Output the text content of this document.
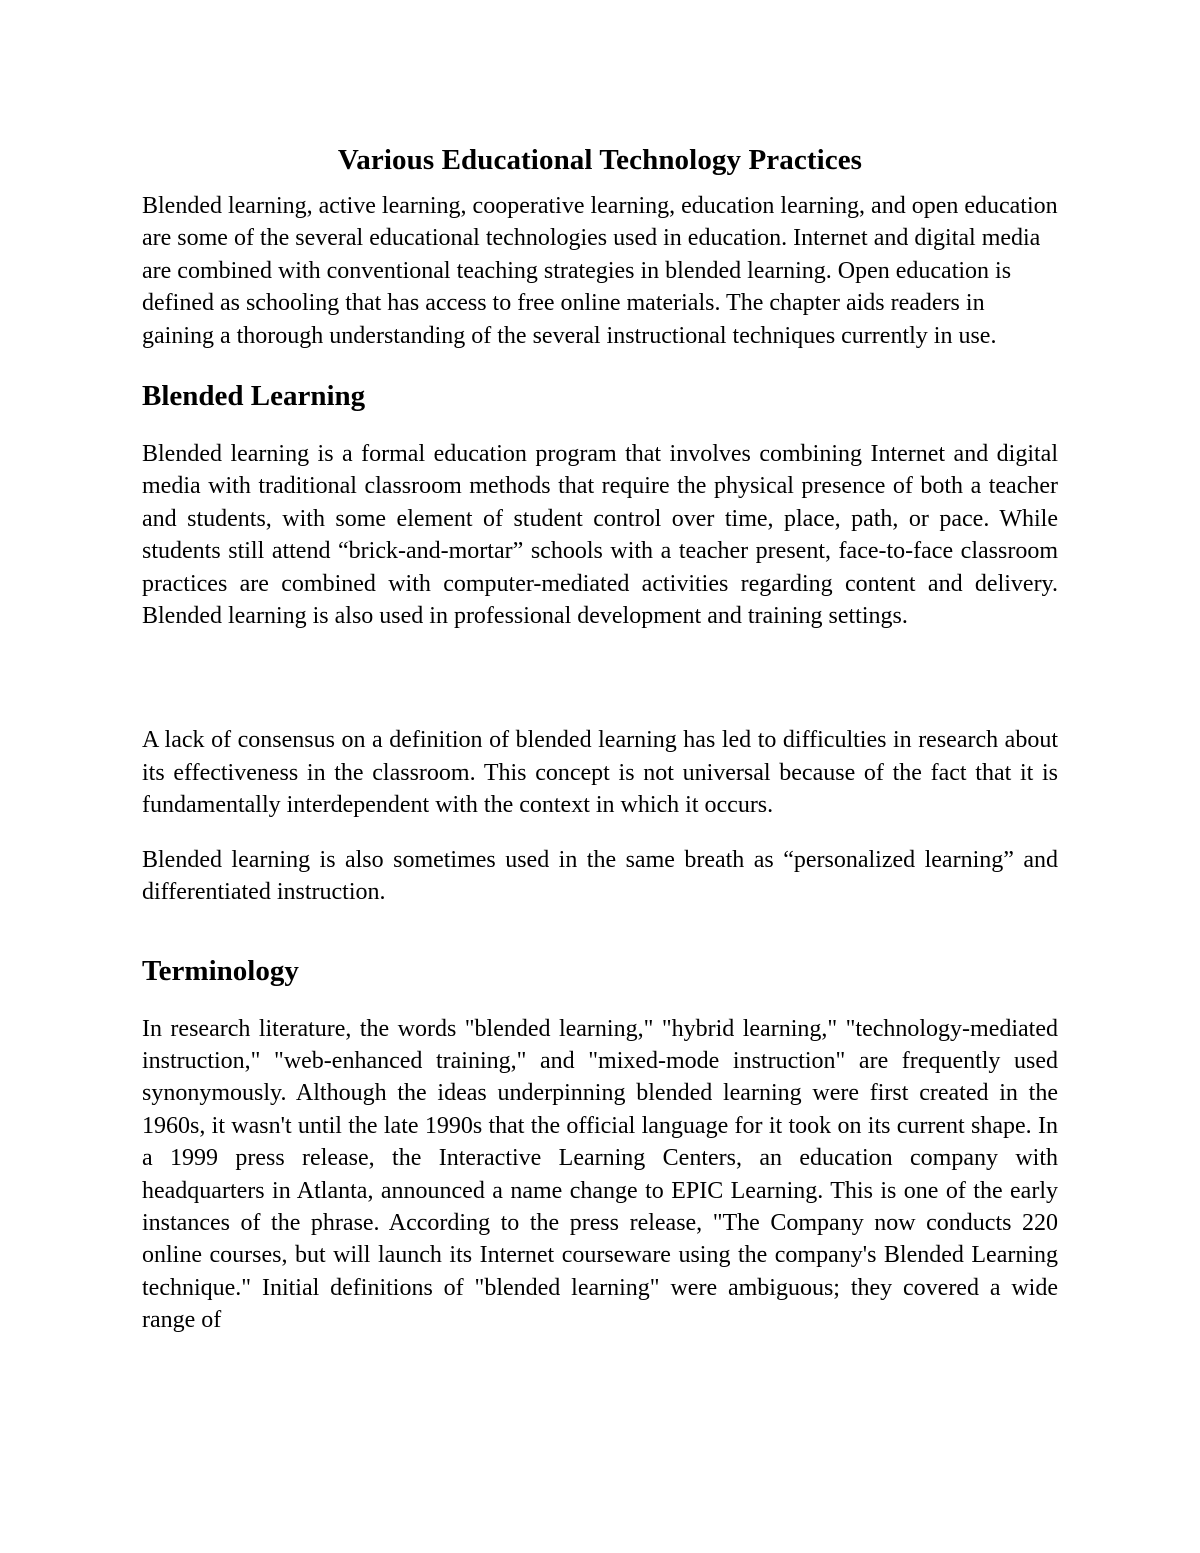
Various Educational Technology Practices

Blended learning, active learning, cooperative learning, education learning, and open education are some of the several educational technologies used in education. Internet and digital media are combined with conventional teaching strategies in blended learning. Open education is defined as schooling that has access to free online materials. The chapter aids readers in gaining a thorough understanding of the several instructional techniques currently in use.

Blended Learning

Blended learning is a formal education program that involves combining Internet and digital media with traditional classroom methods that require the physical presence of both a teacher and students, with some element of student control over time, place, path, or pace. While students still attend “brick-and-mortar” schools with a teacher present, face-to-face classroom practices are combined with computer-mediated activities regarding content and delivery. Blended learning is also used in professional development and training settings.

A lack of consensus on a definition of blended learning has led to difficulties in research about its effectiveness in the classroom. This concept is not universal because of the fact that it is fundamentally interdependent with the context in which it occurs.

Blended learning is also sometimes used in the same breath as “personalized learning” and differentiated instruction.

Terminology

In research literature, the words "blended learning," "hybrid learning," "technology-mediated instruction," "web-enhanced training," and "mixed-mode instruction" are frequently used synonymously. Although the ideas underpinning blended learning were first created in the 1960s, it wasn't until the late 1990s that the official language for it took on its current shape. In a 1999 press release, the Interactive Learning Centers, an education company with headquarters in Atlanta, announced a name change to EPIC Learning. This is one of the early instances of the phrase. According to the press release, "The Company now conducts 220 online courses, but will launch its Internet courseware using the company's Blended Learning technique." Initial definitions of "blended learning" were ambiguous; they covered a wide range of
